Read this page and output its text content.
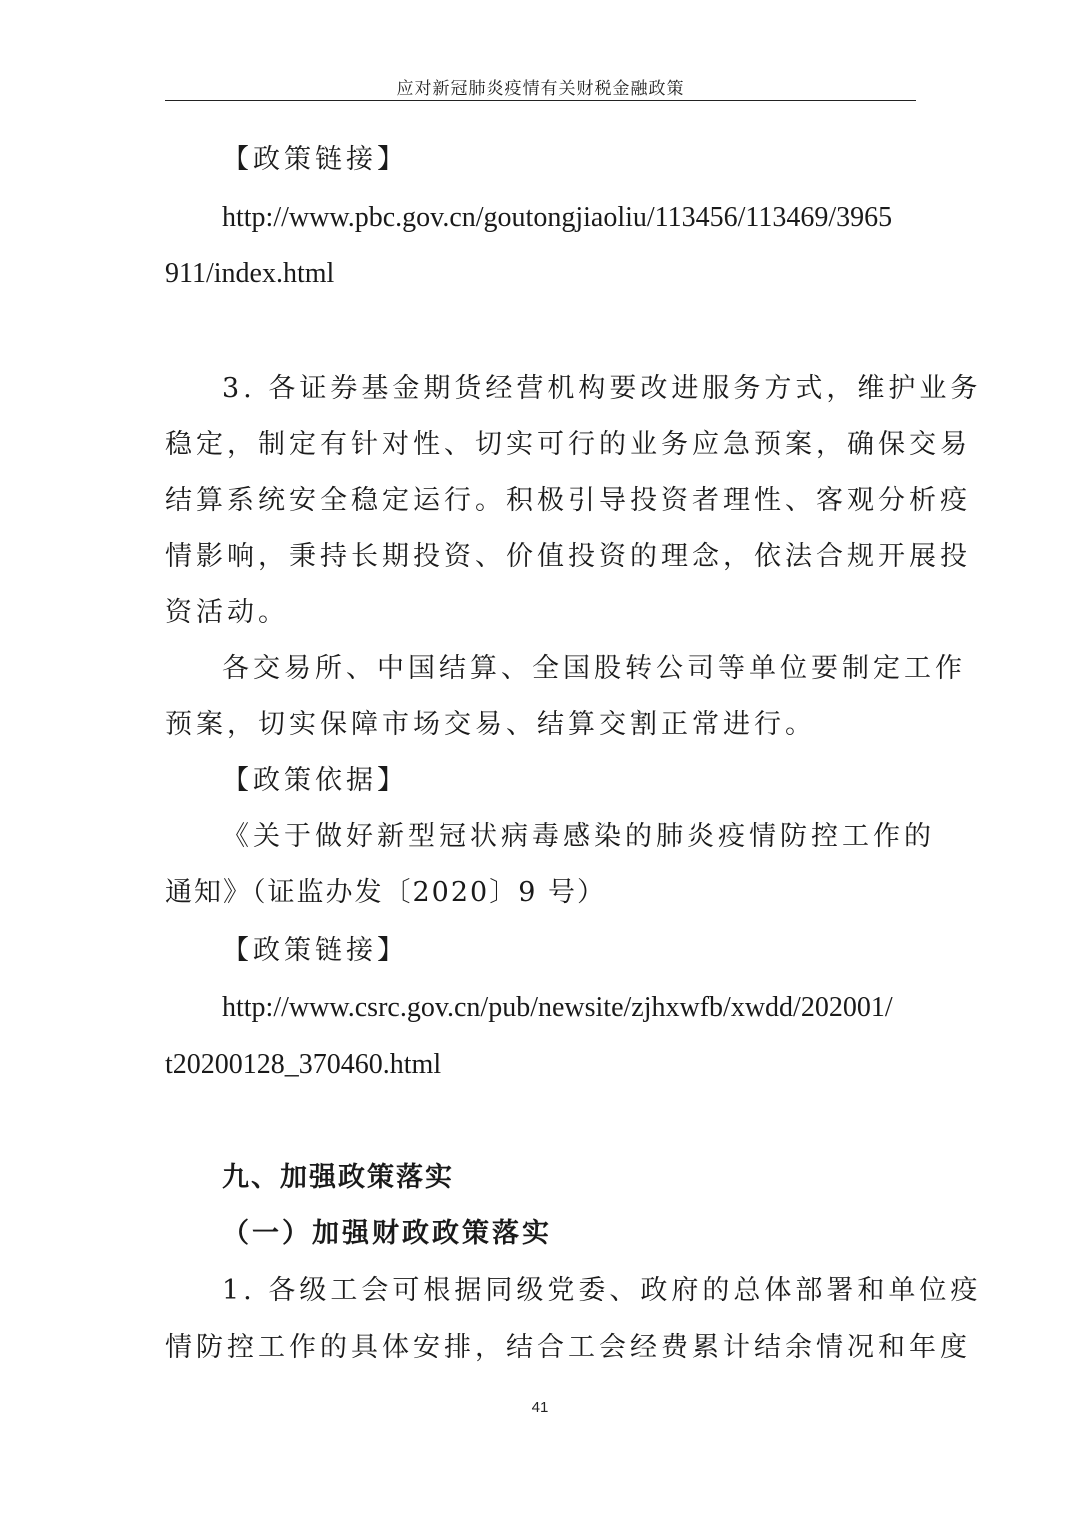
应对新冠肺炎疫情有关财税金融政策
【政策链接】
http://www.pbc.gov.cn/goutongjiaoliu/113456/113469/3965
911/index.html
3. 各证券基金期货经营机构要改进服务方式，维护业务
稳定，制定有针对性、切实可行的业务应急预案，确保交易
结算系统安全稳定运行。积极引导投资者理性、客观分析疫
情影响，秉持长期投资、价值投资的理念，依法合规开展投
资活动。
各交易所、中国结算、全国股转公司等单位要制定工作
预案，切实保障市场交易、结算交割正常进行。
【政策依据】
《关于做好新型冠状病毒感染的肺炎疫情防控工作的
通知》（证监办发〔2020〕9 号）
【政策链接】
http://www.csrc.gov.cn/pub/newsite/zjhxwfb/xwdd/202001/
t20200128_370460.html
九、加强政策落实
（一）加强财政政策落实
1. 各级工会可根据同级党委、政府的总体部署和单位疫
情防控工作的具体安排，结合工会经费累计结余情况和年度
41
